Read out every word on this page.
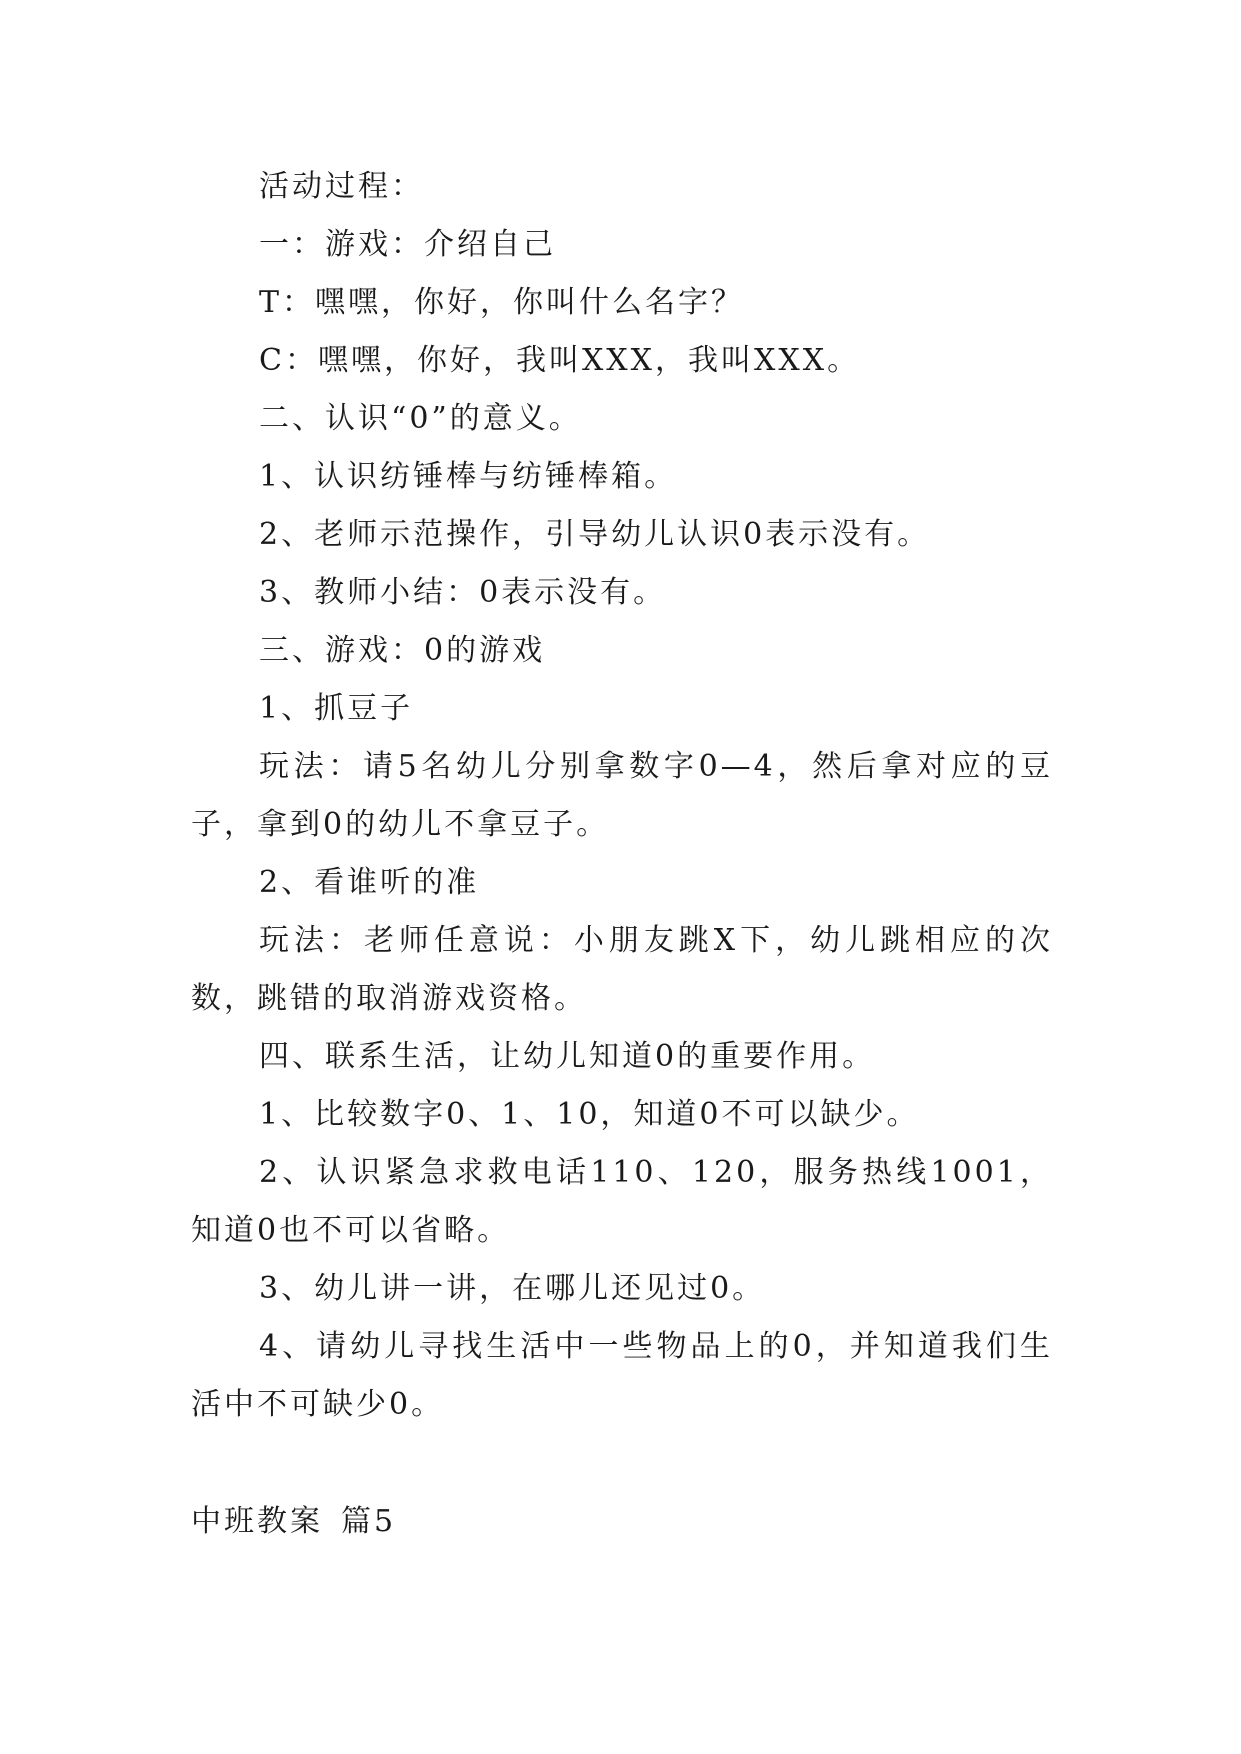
活动过程：

一：游戏：介绍自己

T：嘿嘿，你好，你叫什么名字？

C：嘿嘿，你好，我叫XXX，我叫XXX。

二、认识“0”的意义。

1、认识纺锤棒与纺锤棒箱。

2、老师示范操作，引导幼儿认识0表示没有。

3、教师小结：0表示没有。

三、游戏：0的游戏

1、抓豆子

玩法：请5名幼儿分别拿数字0—4，然后拿对应的豆子，拿到0的幼儿不拿豆子。

2、看谁听的准

玩法：老师任意说：小朋友跳X下，幼儿跳相应的次数，跳错的取消游戏资格。

四、联系生活，让幼儿知道0的重要作用。

1、比较数字0、1、10，知道0不可以缺少。

2、认识紧急求救电话110、120，服务热线1001，知道0也不可以省略。

3、幼儿讲一讲，在哪儿还见过0。

4、请幼儿寻找生活中一些物品上的0，并知道我们生活中不可缺少0。

中班教案 篇5
